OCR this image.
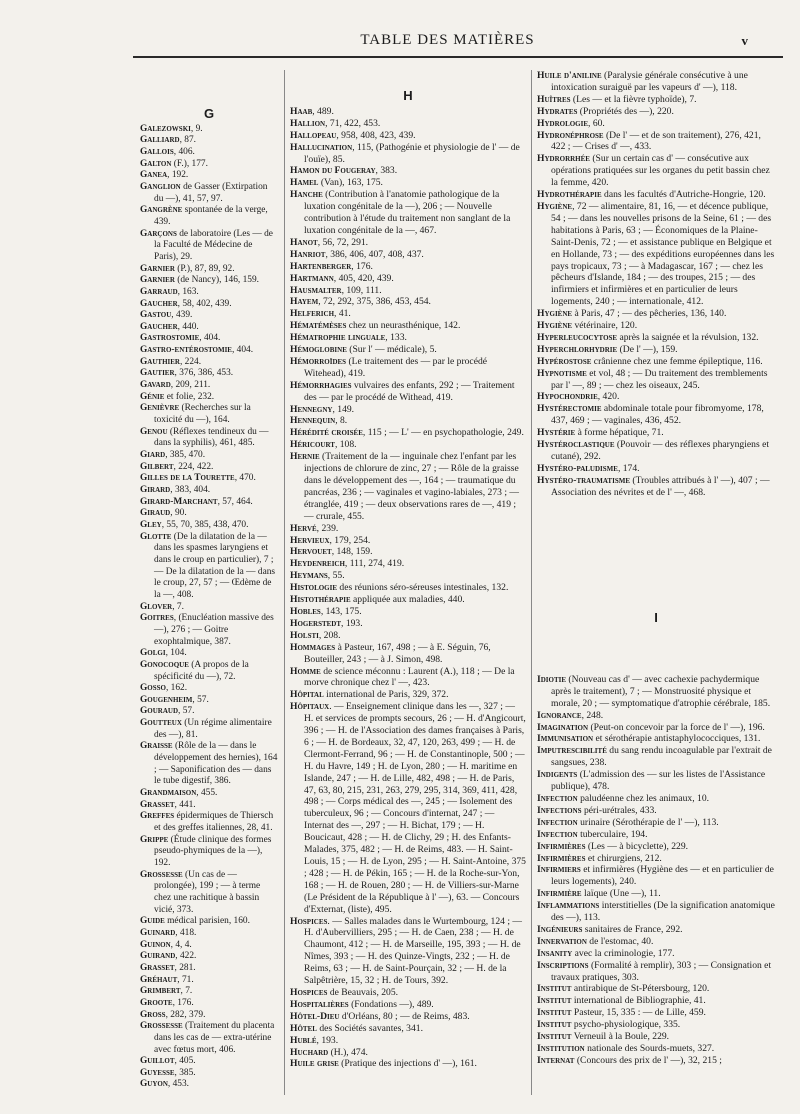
TABLE DES MATIÈRES	v
G

Galezowski, 9.

Galliard, 87.

Gallois, 406.

Galton (F.), 177.

Ganea, 192.

Ganglion de Gasser (Extirpation du —), 41, 57, 97.

Gangrène spontanée de la verge, 439.

Garçons de laboratoire (Les — de la Faculté de Médecine de Paris), 29.

Garnier (P.), 87, 89, 92.

Garnier (de Nancy), 146, 159.

Garraud, 163.

Gaucher, 58, 402, 439.

Gastou, 439.

Gaucher, 440.

Gastrostomie, 404.

Gastro-entérostomie, 404.

Gauthier, 224.

Gautier, 376, 386, 453.

Gavard, 209, 211.

Génie et folie, 232.

Genièvre (Recherches sur la toxicité du —), 164.

Genou (Réflexes tendineux du — dans la syphilis), 461, 485.

Giard, 385, 470.

Gilbert, 224, 422.

Gilles de la Tourette, 470.

Girard, 383, 404.

Girard-Marchant, 57, 464.

Giraud, 90.

Gley, 55, 70, 385, 438, 470.

Glotte (De la dilatation de la — dans les spasmes laryngiens et dans le croup en particulier), 7 ; — De la dilatation de la — dans le croup, 27, 57 ; — Œdème de la —, 408.

Glover, 7.

Goitres, (Enucléation massive des —), 276 ; — Goitre exophtalmique, 387.

Golgi, 104.

Gonocoque (A propos de la spécificité du —), 72.

Gosso, 162.

Gougenheim, 57.

Gouraud, 57.

Goutteux (Un régime alimentaire des —), 81.

Graisse (Rôle de la — dans le développement des hernies), 164 ; — Saponification des — dans le tube digestif, 386.

Grandmaison, 455.

Grasset, 441.

Greffes épidermiques de Thiersch et des greffes italiennes, 28, 41.

Grippe (Étude clinique des formes pseudo-phymiques de la —), 192.

Grossesse (Un cas de — prolongée), 199 ; — à terme chez une rachitique à bassin vicié, 373.

Guide médical parisien, 160.

Guinard, 418.

Guinon, 4, 4.

Guirand, 422.

Grasset, 281.

Gréhaut, 71.

Grimbert, 7.

Groote, 176.

Gross, 282, 379.

Grossesse (Traitement du placenta dans les cas de — extra-utérine avec fœtus mort, 406.

Guillot, 405.

Guyesse, 385.

Guyon, 453.

H

Haab, 489.

Hallion, 71, 422, 453.

Hallopeau, 958, 408, 423, 439.

Hallucination, 115, (Pathogénie et physiologie de l' — de l'ouïe), 85.

Hamon du Fougeray, 383.

Hamel (Van), 163, 175.

Hanche (Contribution à l'anatomie pathologique de la luxation congénitale de la —), 206 ; — Nouvelle contribution à l'étude du traitement non sanglant de la luxation congénitale de la —, 467.

Hanot, 56, 72, 291.

Hanriot, 386, 406, 407, 408, 437.

Hartenberger, 176.

Hartmann, 405, 420, 439.

Hausmalter, 109, 111.

Hayem, 72, 292, 375, 386, 453, 454.

Helferich, 41.

Hématémèses chez un neurasthénique, 142.

Hématrophie linguale, 133.

Hémoglobine (Sur l' — médicale), 5.

Hémorroïdes (Le traitement des — par le procédé Witehead), 419.

Hémorrhagies vulvaires des enfants, 292 ; — Traitement des — par le procédé de Withead, 419.

Hennegny, 149.

Hennequin, 8.

Hérédité croisée, 115 ; — L' — en psychopathologie, 249.

Héricourt, 108.

Hernie (Traitement de la — inguinale chez l'enfant par les injections de chlorure de zinc, 27 ; — Rôle de la graisse dans le développement des —, 164 ; — traumatique du pancréas, 236 ; — vaginales et vagino-labiales, 273 ; — étranglée, 419 ; — deux observations rares de —, 419 ; — crurale, 455.

Hervé, 239.

Hervieux, 179, 254.

Hervouet, 148, 159.

Heydenreich, 111, 274, 419.

Heymans, 55.

Histologie des réunions séro-séreuses intestinales, 132.

Histothérapie appliquée aux maladies, 440.

Hobles, 143, 175.

Hogerstedt, 193.

Holsti, 208.

Hommages à Pasteur, 167, 498 ; — à E. Séguin, 76, Bouteiller, 243 ; — à J. Simon, 498.

Homme de science méconnu : Laurent (A.), 118 ; — De la morve chronique chez l' —, 423.

Hôpital international de Paris, 329, 372.

Hôpitaux. — Enseignement clinique dans les —, 327 ; — H. et services de prompts secours, 26 ; — H. d'Angicourt, 396 ; — H. de l'Association des dames françaises à Paris, 6 ; — H. de Bordeaux, 32, 47, 120, 263, 499 ; — H. de Clermont-Ferrand, 96 ; — H. de Constantinople, 500 ; — H. du Havre, 149 ; H. de Lyon, 280 ; — H. maritime en Islande, 247 ; — H. de Lille, 482, 498 ; — H. de Paris, 47, 63, 80, 215, 231, 263, 279, 295, 314, 369, 411, 428, 498 ; — Corps médical des —, 245 ; — Isolement des tuberculeux, 96 ; — Concours d'internat, 247 ; — Internat des —, 297 ; — H. Bichat, 179 ; — H. Boucicaut, 428 ; — H. de Clichy, 29 ; H. des Enfants-Malades, 375, 482 ; — H. de Reims, 483. — H. Saint-Louis, 15 ; — H. de Lyon, 295 ; — H. Saint-Antoine, 375 ; 428 ; — H. de Pékin, 165 ; — H. de la Roche-sur-Yon, 168 ; — H. de Rouen, 280 ; — H. de Villiers-sur-Marne (Le Président de la République à l' —), 63. — Concours d'Externat, (liste), 495.

Hospices. — Salles malades dans le Wurtembourg, 124 ; — H. d'Aubervilliers, 295 ; — H. de Caen, 238 ; — H. de Chaumont, 412 ; — H. de Marseille, 195, 393 ; — H. de Nîmes, 393 ; — H. des Quinze-Vingts, 232 ; — H. de Reims, 63 ; — H. de Saint-Pourçain, 32 ; — H. de la Salpêtrière, 15, 32 ; H. de Tours, 392.

Hospices de Beauvais, 205.

Hospitalières (Fondations —), 489.

Hôtel-Dieu d'Orléans, 80 ; — de Reims, 483.

Hôtel des Sociétés savantes, 341.

Hublé, 193.

Huchard (H.), 474.

Huile grise (Pratique des injections d' —), 161.

Huile d'aniline (Paralysie générale consécutive à une intoxication suraiguë par les vapeurs d' —), 118.

Huîtres (Les — et la fièvre typhoïde), 7.

Hydrates (Propriétés des —), 220.

Hydrologie, 60.

Hydronéphrose (De l' — et de son traitement), 276, 421, 422 ; — Crises d' —, 433.

Hydrorrhée (Sur un certain cas d' — consécutive aux opérations pratiquées sur les organes du petit bassin chez la femme, 420.

Hydrothérapie dans les facultés d'Autriche-Hongrie, 120.

Hygiène, 72 — alimentaire, 81, 16, — et décence publique, 54 ; — dans les nouvelles prisons de la Seine, 61 ; — des habitations à Paris, 63 ; — Économiques de la Plaine-Saint-Denis, 72 ; — et assistance publique en Belgique et en Hollande, 73 ; — des expéditions européennes dans les pays tropicaux, 73 ; — à Madagascar, 167 ; — chez les pêcheurs d'Islande, 184 ; — des troupes, 215 ; — des infirmiers et infirmières et en particulier de leurs logements, 240 ; — internationale, 412.

Hygiène à Paris, 47 ; — des pêcheries, 136, 140.

Hygiène vétérinaire, 120.

Hyperleucocytose après la saignée et la révulsion, 132.

Hyperchlorhydrie (De l' —), 159.

Hypérostose crânienne chez une femme épileptique, 116.

Hypnotisme et vol, 48 ; — Du traitement des tremblements par l' —, 89 ; — chez les oiseaux, 245.

Hypochondrie, 420.

Hystérectomie abdominale totale pour fibromyome, 178, 437, 469 ; — vaginales, 436, 452.

Hystérie à forme hépatique, 71.

Hystéroclastique (Pouvoir — des réflexes pharyngiens et cutané), 292.

Hystéro-paludisme, 174.

Hystéro-traumatisme (Troubles attribués à l' —), 407 ; — Association des névrites et de l' —, 468.

I

Idiotie (Nouveau cas d' — avec cachexie pachydermique après le traitement), 7 ; — Monstruosité physique et morale, 20 ; — symptomatique d'atrophie cérébrale, 185.

Ignorance, 248.

Imagination (Peut-on concevoir par la force de l' —), 196.

Immunisation et sérothérapie antistaphylococciques, 131.

Imputrescibilité du sang rendu incoagulable par l'extrait de sangsues, 238.

Indigents (L'admission des — sur les listes de l'Assistance publique), 478.

Infection paludéenne chez les animaux, 10.

Infections péri-urétrales, 433.

Infection urinaire (Sérothérapie de l' —), 113.

Infection tuberculaire, 194.

Infirmières (Les — à bicyclette), 229.

Infirmières et chirurgiens, 212.

Infirmiers et infirmières (Hygiène des — et en particulier de leurs logements), 240.

Infirmière laïque (Une —), 11.

Inflammations interstitielles (De la signification anatomique des —), 113.

Ingénieurs sanitaires de France, 292.

Innervation de l'estomac, 40.

Insanity avec la criminologie, 177.

Inscriptions (Formalité à remplir), 303 ; — Consignation et travaux pratiques, 303.

Institut antirabique de St-Pétersbourg, 120.

Institut international de Bibliographie, 41.

Institut Pasteur, 15, 335 : — de Lille, 459.

Institut psycho-physiologique, 335.

Institut Verneuil à la Boule, 229.

Institution nationale des Sourds-muets, 327.

Internat (Concours des prix de l' —), 32, 215 ;
